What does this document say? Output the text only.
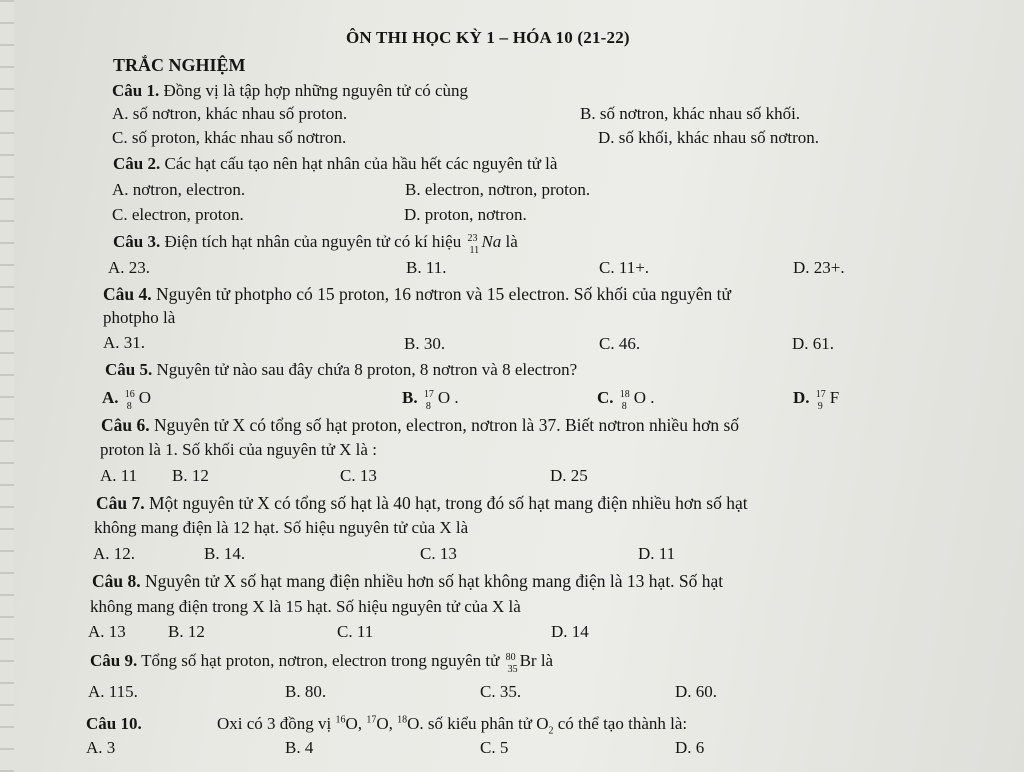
ÔN THI HỌC KỲ 1 – HÓA 10 (21-22)
TRẮC NGHIỆM
Câu 1. Đồng vị là tập hợp những nguyên tử có cùng
A. số nơtron, khác nhau số proton.	B. số nơtron, khác nhau số khối.
C. số proton, khác nhau số nơtron.	D. số khối, khác nhau số nơtron.
Câu 2. Các hạt cấu tạo nên hạt nhân của hầu hết các nguyên tử là
A. nơtron, electron.	B. electron, nơtron, proton.
C. electron, proton.	D. proton, nơtron.
Câu 3. Điện tích hạt nhân của nguyên tử có kí hiệu 23
11 Na là
A. 23.	B. 11.	C. 11+.	D. 23+.
Câu 4. Nguyên tử photpho có 15 proton, 16 nơtron và 15 electron. Số khối của nguyên tử
photpho là
A. 31.	B. 30.	C. 46.	D. 61.
Câu 5. Nguyên tử nào sau đây chứa 8 proton, 8 nơtron và 8 electron?
A. 16
8 O	B. 17
8 O .	C. 18
8 O .	D. 17
9 F
Câu 6. Nguyên tử X có tổng số hạt proton, electron, nơtron là 37. Biết nơtron nhiều hơn số
proton là 1. Số khối của nguyên tử X là :
A. 11 B. 12	C. 13	D. 25
Câu 7. Một nguyên tử X có tổng số hạt là 40 hạt, trong đó số hạt mang điện nhiều hơn số hạt
không mang điện là 12 hạt. Số hiệu nguyên tử của X là
A. 12.	B. 14.	C. 13	D. 11
Câu 8. Nguyên tử X số hạt mang điện nhiều hơn số hạt không mang điện là 13 hạt. Số hạt
không mang điện trong X là 15 hạt. Số hiệu nguyên tử của X là
A. 13 B. 12	C. 11	D. 14
Câu 9. Tổng số hạt proton, nơtron, electron trong nguyên tử 80
35 Br là
A. 115.	B. 80.	C. 35.	D. 60.
Câu 10.	Oxi có 3 đồng vị $^{16}$O, $^{17}$O, $^{18}$O. số kiểu phân tử $O_2$ có thể tạo thành là:
A. 3	B. 4	C. 5	D. 6
